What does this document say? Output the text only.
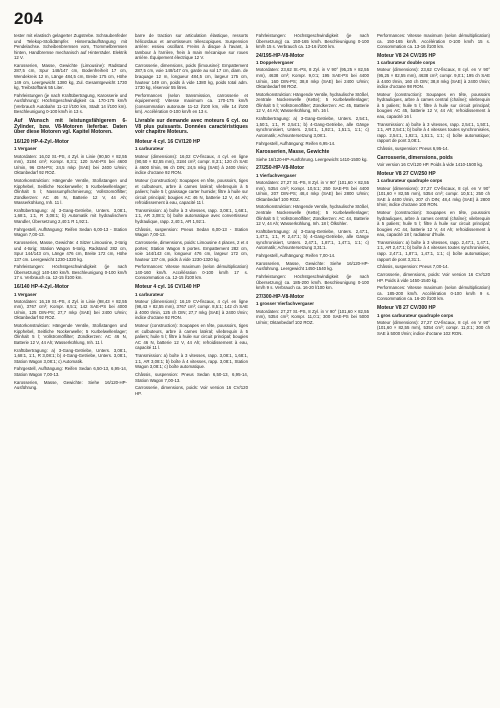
204

tester mit elastisch gelagerter Zugstrebe. Schraubenfeder und Telekop-Stoßdämpfer. Hinterradaufhängung mit Pendelachse. Scheibenbremsen vorn, Trommelbremsen hinten, Handbremse mechanisch auf Hinterräder. Elektrik 12 V.

Karosserien, Masse, Gewichte (Limousine): Radstand 287,5 cm, Spur 148/147 cm, Bodenfreiheit 17 cm, Wendekreis 12 m, Länge 484,5 cm, Breite 175 cm, Höhe 149 cm, Leergewicht 1380 kg, Zul. Gesamtgewicht 1730 kg, Treibstofftank 55 Liter.

Fahrleistungen (je nach Kraftübertragung, Karosserie und Ausführung): Höchstgeschwindigkeit ca. 170-175 km/h (Verbrauch Autobahn 11-12 l/100 km, Stadt 14 l/100 km). Beschleunigung 0-100 km/h in 13 s.

Auf Wunsch mit leistungsfähigerem 6-Zylinder, bzw. V8-Motoren lieferbar. Daten über diese Motoren vgl. Kapitel Motoren.
16/120 HP-4-Zyl.-Motor
1 Vergaser

Motordaten: 16,02 St.-PS, 4 Zyl. in Linie (90,50 × 82,55 mm), 3184 cm³; Kompr. 8,3:1; 120 SAE-PS bei 4600 U/min, 96 DIN-PS; 24,5 mkp (SAE) bei 2400 U/min; Oktanbedarf 92 ROZ.

Motorkonstruktion: Hängende Ventile, Stoßstangen und Kipphebel, Seitliche Nockenwelle; 5 Kurbelwellenlager; Ölinhalt 5 l; Nasssumpfschmierung; Vollstromölfilter; Zündkerzen: AC 46 N, Batterie 12 V, 44 Ah; Wasserkühlung, Inh. 11 l.

Kraftübertragung: a) 3-Gang-Getriebe, Unters. 3,08:1, 1,68:1, 1:1, R 3,08:1; b) Automatik mit hydraulischem Wandler, Übersetzung 2,40:1 R 1,92:1.

Fahrgestell, Aufhängung: Reifen Sedan 6,00-13 - Station Wagon 7,00-13.

Karosserien, Masse, Gewichte: 4 Sitzer Limousine, 2-türig und 4-türig; Station Wagon 5-türig. Radstand 282 cm, Spur 144/143 cm, Länge 476 cm, Breite 172 cm, Höhe 137 cm. Leergewicht 1230-1320 kg.

Fahrleistungen: Höchstgeschwindigkeit (je nach Übersetzung) 140-160 km/h. Beschleunigung 0-100 km/h 17 s. Verbrauch ca. 12-15 l/100 km.

16/140 HP-4-Zyl.-Motor
1 Vergaser

Motordaten: 16,19 St.-PS, 4 Zyl. in Linie (98,43 × 82,55 mm), 3767 cm³; Kompr. 8,5:1; 142 SAE-PS bei 4000 U/min, 125 DIN-PS; 27,7 mkp (SAE) bei 2400 U/min; Oktanbedarf 92 ROZ.

Motorkonstruktion: Hängende Ventile, Stoßstangen und Kipphebel, Seitliche Nockenwelle; 5 Kurbelwellenlager; Ölinhalt 5 l; Vollstromölfilter; Zündkerzen: AC 46 N, Batterie 12 V, 44 Ah; Wasserkühlung, Inh. 11 l.

Kraftübertragung: a) 3-Gang-Getriebe, Unters. 3,08:1, 1,68:1, 1:1, R 3,08:1; b) 4-Gang-Getriebe, Unters. 3,08:1, Station Wagon 3,08:1; c) Automatik.

Fahrgestell, Aufhängung: Reifen Sedan 6,50-13, 6,95-14, Station Wagon 7,00-13.

Karosserien, Masse, Gewichte: Siehe 16/120-HP-Ausführung.

barre de traction sur articulation élastique, ressorts hélicoïdaux et amortisseurs télescopiques. Suspension arrière: essieu oscillant. Freins à disque à l'avant, à tambour à l'arrière, frein à main mécanique sur roues arrière. Équipement électrique 12 V.

Carrosserie, dimensions, poids (limousine): Empattement 287,5 cm, voie 148/147 cm, garde au sol 17 cm, diam. de braquage 12 m, longueur 484,5 cm, largeur 175 cm, hauteur 149 cm, poids à vide 1380 kg, poids total adm. 1730 kg, réservoir 55 litres.

Performances (selon transmission, carrosserie et équipement): Vitesse maximum ca. 170-175 km/h (consommation autoroute 11-12 l/100 km, ville 14 l/100 km). Accélération 0-100 km/h en 13 s.

Livrable sur demande avec moteurs 6 cyl. ou V8 plus puissants. Données caractéristiques voir chapitre Moteurs.
Moteur 4 cyl. 16 CV/120 HP
1 carburateur

Moteur (dimensions): 16,02 CV-fiscaux, 4 cyl. en ligne (90,50 × 82,55 mm), 3184 cm³; compr. 8,3:1; 120 ch SAE à 4600 t/min, 96 ch DIN; 24,5 mkg (SAE) à 2400 t/min; indice d'octane 92 RON.

Moteur (construction): Soupapes en tête, poussoirs, tiges et culbuteurs, arbre à cames latéral; vilebrequin à 5 paliers; huile 5 l; graissage carter humide; filtre à huile sur circuit principal; bougies AC 46 N, batterie 12 V, 44 Ah; refroidissement à eau, capacité 11 l.

Transmission: a) boîte à 3 vitesses, rapp. 3,08:1, 1,68:1, 1:1, AR 3,08:1; b) boîte automatique avec convertisseur hydraulique, rapp. 2,40:1, AR 1,92:1.

Châssis, suspension: Pneus Sedan 6,00-13 - Station Wagon 7,00-13.

Carrosserie, dimensions, poids: Limousine 4 places, 2 et 4 portes; Station Wagon 5 portes. Empattement 282 cm, voie 144/143 cm, longueur 476 cm, largeur 172 cm, hauteur 137 cm, poids à vide 1230-1320 kg.

Performances: Vitesse maximum (selon démultiplication) 140-160 km/h. Accélération 0-100 km/h 17 s. Consommation ca. 12-15 l/100 km.

Moteur 4 cyl. 16 CV/140 HP
1 carburateur

Moteur (dimensions): 16,19 CV-fiscaux, 4 cyl. en ligne (98,43 × 82,55 mm), 3767 cm³; compr. 8,5:1; 142 ch SAE à 4000 t/min, 125 ch DIN; 27,7 mkg (SAE) à 2400 t/min; indice d'octane 92 RON.

Moteur (construction): Soupapes en tête, poussoirs, tiges et culbuteurs, arbre à cames latéral; vilebrequin à 5 paliers; huile 5 l; filtre à huile sur circuit principal; bougies AC 46 N, batterie 12 V, 44 Ah; refroidissement à eau, capacité 11 l.

Transmission: a) boîte à 3 vitesses, rapp. 3,08:1, 1,68:1, 1:1, AR 3,08:1; b) boîte à 4 vitesses, rapp. 3,08:1, Station Wagon 3,08:1; c) boîte automatique.

Châssis, suspension: Pneus Sedan 6,50-13, 6,95-14, Station Wagon 7,00-13.

Carrosserie, dimensions, poids: Voir version 16 CV/120 HP.

Fahrleistungen: Höchstgeschwindigkeit (je nach Übersetzung) ca. 150-165 km/h. Beschleunigung 0-100 km/h 15 s. Verbrauch ca. 13-16 l/100 km.

24/195-HP-V8-Motor
1 Doppelvergaser

Motordaten: 23,62 St.-PS, 8 Zyl. in V 90° (95,25 × 82,55 mm), 4638 cm³; Kompr. 9,0:1; 195 SAE-PS bei 4400 U/min, 160 DIN-PS; 38,8 mkp (SAE) bei 2400 U/min; Oktanbedarf 98 ROZ.

Motorkonstruktion: Hängende Ventile, hydraulische Stößel, zentrale Nockenwelle (Kette); 5 Kurbelwellenlager; Ölinhalt 5 l; Vollstromölfilter; Zündkerzen: AC 45, Batterie 12 V, 44 Ah; Wasserkühlung, Inh. 16 l.

Kraftübertragung: a) 3-Gang-Getriebe, Unters. 2,54:1, 1,50:1, 1:1, R 2,54:1; b) 4-Gang-Getriebe, alle Gänge synchronisiert, Unters. 2,54:1, 1,92:1, 1,51:1, 1:1; c) Automatik; Achsuntersetzung 3,08:1.

Fahrgestell, Aufhängung: Reifen 6,95-14.

Karosserien, Masse, Gewichte

Siehe 16/120-HP-Ausführung. Leergewicht 1410-1500 kg.

27/250-HP-V8-Motor
1 Vierfachvergaser

Motordaten: 27,27 St.-PS, 8 Zyl. in V 90° (101,60 × 82,55 mm), 5354 cm³; Kompr. 10,5:1; 250 SAE-PS bei 4400 U/min, 207 DIN-PS; 48,4 mkp (SAE) bei 2800 U/min; Oktanbedarf 100 ROZ.

Motorkonstruktion: Hängende Ventile, hydraulische Stößel, zentrale Nockenwelle (Kette); 5 Kurbelwellenlager; Ölinhalt 5 l; Vollstromölfilter; Zündkerzen: AC 44, Batterie 12 V, 44 Ah; Wasserkühlung, Inh. 18 l; Ölkühler.

Kraftübertragung: a) 3-Gang-Getriebe, Unters. 2,47:1, 1,47:1, 1:1, R 2,47:1; b) 4-Gang-Getriebe, alle Gänge synchronisiert, Unters. 2,47:1, 1,87:1, 1,47:1, 1:1; c) Automatik; Achsuntersetzung 3,31:1.

Fahrgestell, Aufhängung: Reifen 7,00-14.

Karosserien, Masse, Gewichte: Siehe 16/120-HP-Ausführung. Leergewicht 1450-1540 kg.

Fahrleistungen: Höchstgeschwindigkeit (je nach Übersetzung) ca. 185-200 km/h. Beschleunigung 0-100 km/h 9 s. Verbrauch ca. 16-20 l/100 km.

27/300-HP-V8-Motor
1 grosser Vierfachvergaser

Motordaten: 27,27 St.-PS, 8 Zyl. in V 90° (101,60 × 82,55 mm), 5354 cm³; Kompr. 11,0:1; 300 SAE-PS bei 5000 U/min; Oktanbedarf 102 ROZ.

Performances: Vitesse maximum (selon démultiplication) ca. 150-165 km/h. Accélération 0-100 km/h 15 s. Consommation ca. 13-16 l/100 km.

Moteur V8 24 CV/195 HP
1 carburateur double corps

Moteur (dimensions): 23,62 CV-fiscaux, 8 cyl. en V 90° (95,25 × 82,55 mm), 4638 cm³; compr. 9,0:1; 195 ch SAE à 4400 t/min, 160 ch DIN; 38,8 mkg (SAE) à 2400 t/min; indice d'octane 98 RON.

Moteur (construction): Soupapes en tête, poussoirs hydrauliques, arbre à cames central (chaîne); vilebrequin à 5 paliers; huile 5 l; filtre à huile sur circuit principal; bougies AC 45, batterie 12 V, 44 Ah; refroidissement à eau, capacité 16 l.

Transmission: a) boîte à 3 vitesses, rapp. 2,54:1, 1,50:1, 1:1, AR 2,54:1; b) boîte à 4 vitesses toutes synchronisées, rapp. 2,54:1, 1,92:1, 1,51:1, 1:1; c) boîte automatique; rapport de pont 3,08:1.

Châssis, suspension: Pneus 6,95-14.

Carrosserie, dimensions, poids

Voir version 16 CV/120 HP. Poids à vide 1410-1500 kg.

Moteur V8 27 CV/250 HP
1 carburateur quadruple corps

Moteur (dimensions): 27,27 CV-fiscaux, 8 cyl. en V 90° (101,60 × 82,55 mm), 5354 cm³; compr. 10,5:1; 250 ch SAE à 4400 t/min, 207 ch DIN; 48,4 mkg (SAE) à 2800 t/min; indice d'octane 100 RON.

Moteur (construction): Soupapes en tête, poussoirs hydrauliques, arbre à cames central (chaîne); vilebrequin à 5 paliers; huile 5 l; filtre à huile sur circuit principal; bougies AC 44, batterie 12 V, 44 Ah; refroidissement à eau, capacité 18 l; radiateur d'huile.

Transmission: a) boîte à 3 vitesses, rapp. 2,47:1, 1,47:1, 1:1, AR 2,47:1; b) boîte à 4 vitesses toutes synchronisées, rapp. 2,47:1, 1,87:1, 1,47:1, 1:1; c) boîte automatique; rapport de pont 3,31:1.

Châssis, suspension: Pneus 7,00-14.

Carrosserie, dimensions, poids: Voir version 16 CV/120 HP. Poids à vide 1450-1540 kg.

Performances: Vitesse maximum (selon démultiplication) ca. 185-200 km/h. Accélération 0-100 km/h 9 s. Consommation ca. 16-20 l/100 km.

Moteur V8 27 CV/300 HP
1 gros carburateur quadruple corps

Moteur (dimensions): 27,27 CV-fiscaux, 8 cyl. en V 90° (101,60 × 82,55 mm), 5354 cm³; compr. 11,0:1; 300 ch SAE à 5000 t/min; indice d'octane 102 RON.
